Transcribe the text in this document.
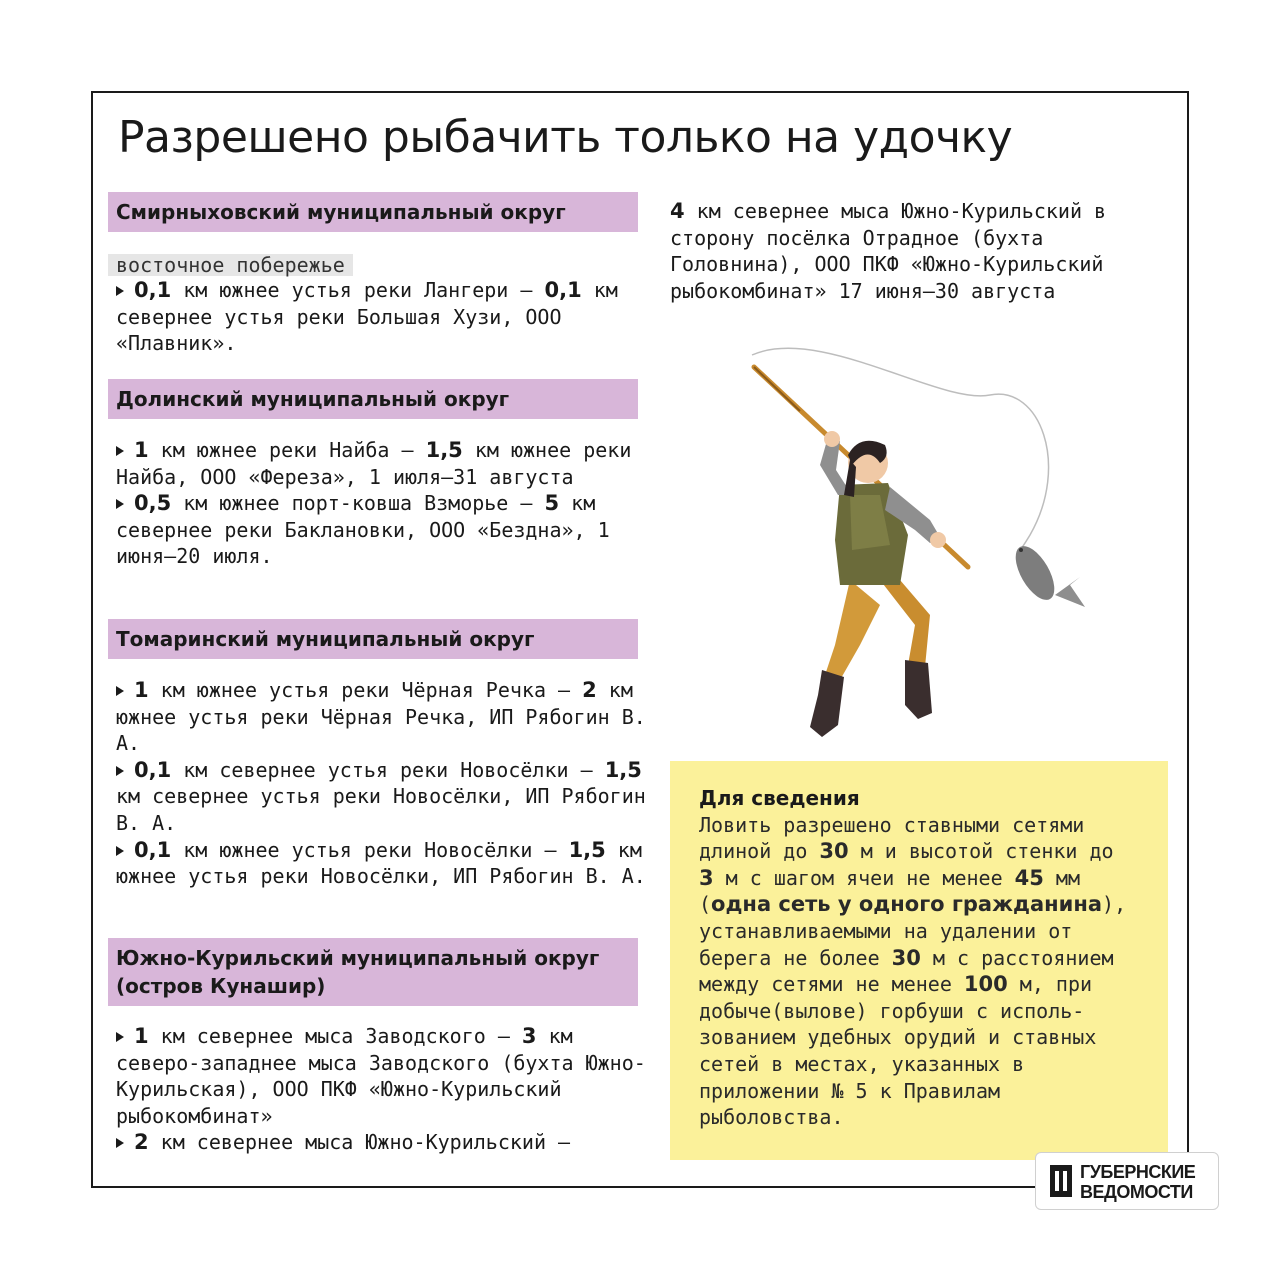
Разрешено рыбачить только на удочку
Смирныховский муниципальный округ
восточное побережье

0,1 км южнее устья реки Лангери — 0,1 км севернее устья реки Большая Хузи, ООО «Плавник».

Долинский муниципальный округ

1 км южнее реки Найба — 1,5 км южнее реки Найба, ООО «Фереза», 1 июля–31 августа

0,5 км южнее порт-ковша Взморье — 5 км севернее реки Баклановки, ООО «Бездна», 1 июня–20 июля.

Томаринский муниципальный округ

1 км южнее устья реки Чёрная Речка — 2 км южнее устья реки Чёрная Речка, ИП Рябогин В. А.

0,1 км севернее устья реки Новосёлки — 1,5 км севернее устья реки Новосёлки, ИП Рябогин В. А.

0,1 км южнее устья реки Новосёлки — 1,5 км южнее устья реки Новосёлки, ИП Рябогин В. А.

Южно-Курильский муниципальный округ (остров Кунашир)

1 км севернее мыса Заводского — 3 км северо-западнее мыса Заводского (бухта Южно-Курильская), ООО ПКФ «Южно-Курильский рыбокомбинат»

2 км севернее мыса Южно-Курильский —

4 км севернее мыса Южно-Курильский в сторону посёлка Отрадное (бухта Головнина), ООО ПКФ «Южно-Курильский рыбокомбинат» 17 июня–30 августа

Для сведения
Ловить разрешено ставными сетями длиной до 30 м и высотой стенки до 3 м с шагом ячеи не менее 45 мм (одна сеть у одного гражданина), устанавливаемыми на удалении от берега не более 30 м с расстоянием между сетями не менее 100 м, при добыче(вылове) горбуши с исполь-зованием удебных орудий и ставных сетей в местах, указанных в приложении № 5 к Правилам рыболовства.
ГУБЕРНСКИЕ
ВЕДОМОСТИ
